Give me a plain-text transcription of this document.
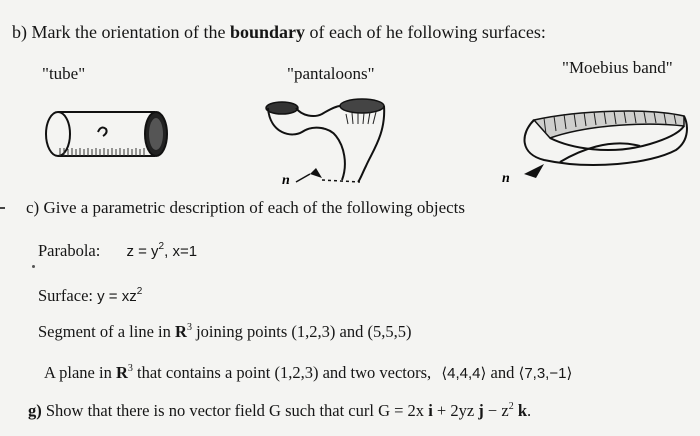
b) Mark the orientation of the boundary of each of he following surfaces:
"tube"	"pantaloons"	"Moebius band"
n	n
c) Give a parametric description of each of the following objects
Parabola: $z = y^2$, x=1
Surface: $y = xz^2$
Segment of a line in $R^3$ joining points (1,2,3) and (5,5,5)
A plane in $R^3$ that contains a point (1,2,3) and two vectors, ⟨4,4,4⟩ and ⟨7,3,−1⟩
g) Show that there is no vector field G such that curl G = 2x i + 2yz $j - z^2$ k.
